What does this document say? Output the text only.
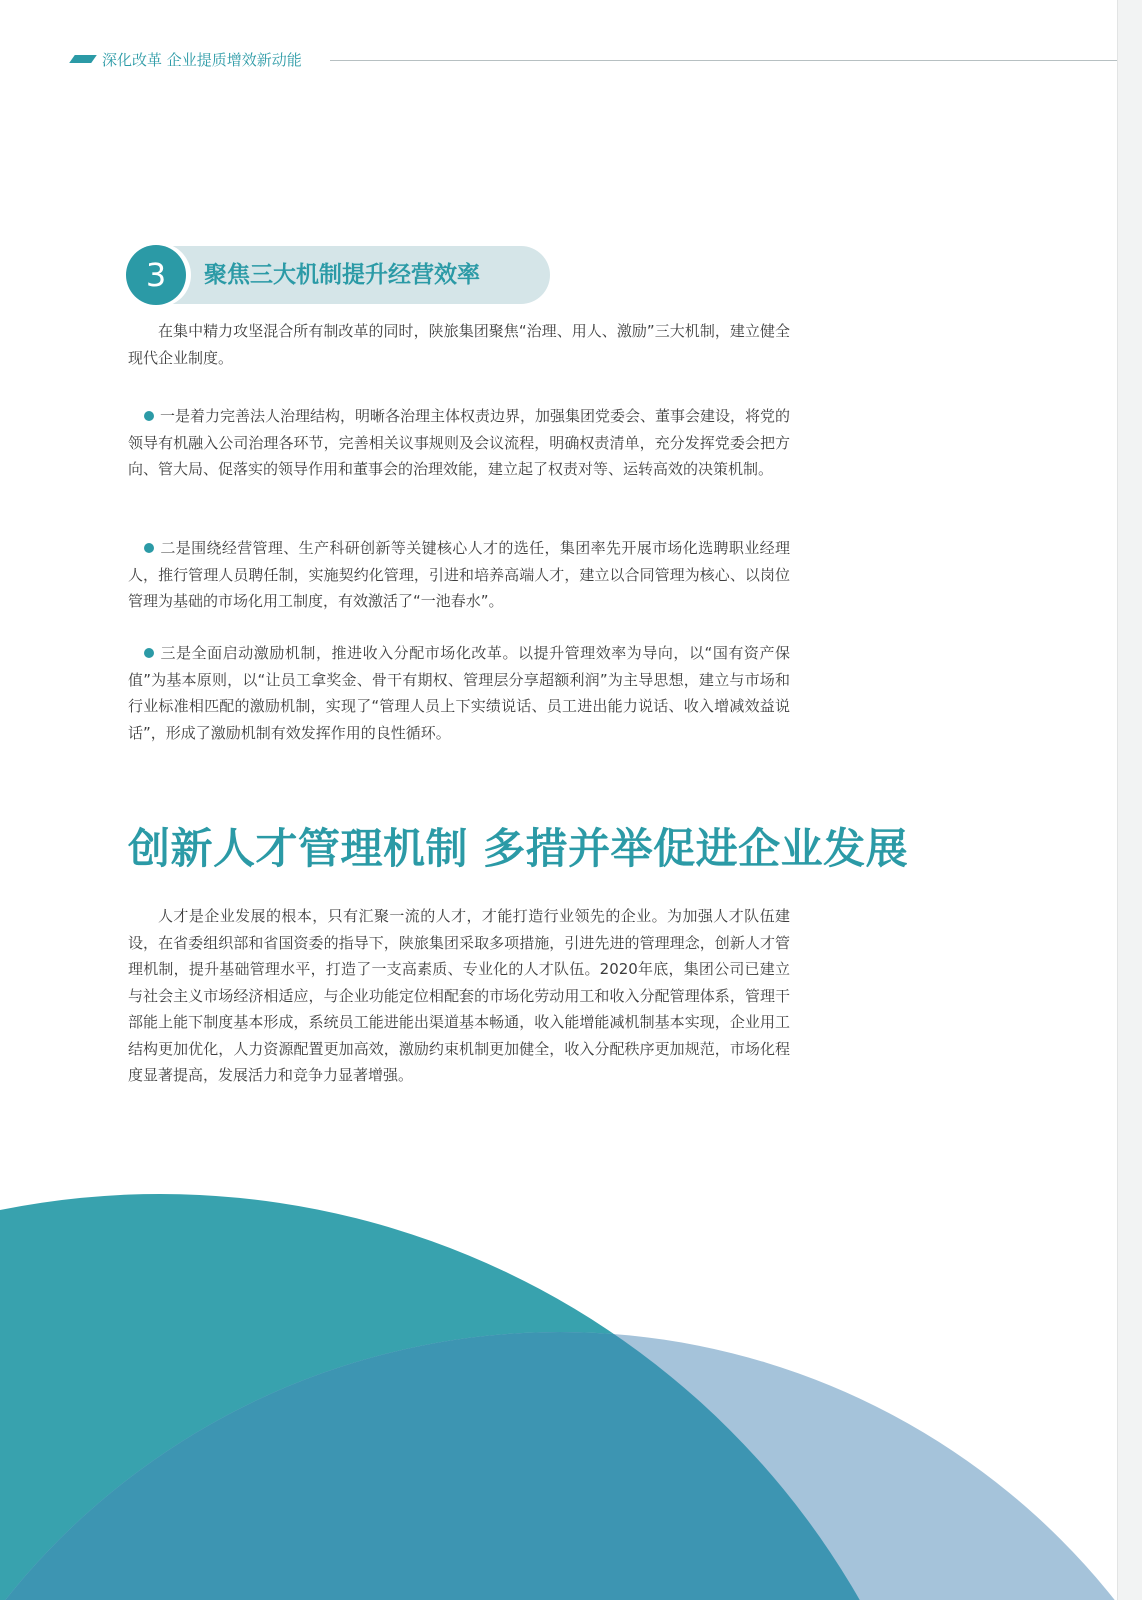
深化改革 企业提质增效新动能
3	聚焦三大机制提升经营效率

在集中精力攻坚混合所有制改革的同时，陕旅集团聚焦“治理、用人、激励”三大机制，建立健全现代企业制度。

一是着力完善法人治理结构，明晰各治理主体权责边界，加强集团党委会、董事会建设，将党的领导有机融入公司治理各环节，完善相关议事规则及会议流程，明确权责清单，充分发挥党委会把方向、管大局、促落实的领导作用和董事会的治理效能，建立起了权责对等、运转高效的决策机制。

二是围绕经营管理、生产科研创新等关键核心人才的选任，集团率先开展市场化选聘职业经理人，推行管理人员聘任制，实施契约化管理，引进和培养高端人才，建立以合同管理为核心、以岗位管理为基础的市场化用工制度，有效激活了“一池春水”。

三是全面启动激励机制，推进收入分配市场化改革。以提升管理效率为导向，以“国有资产保值”为基本原则，以“让员工拿奖金、骨干有期权、管理层分享超额利润”为主导思想，建立与市场和行业标准相匹配的激励机制，实现了“管理人员上下实绩说话、员工进出能力说话、收入增减效益说话”，形成了激励机制有效发挥作用的良性循环。

创新人才管理机制 多措并举促进企业发展

人才是企业发展的根本，只有汇聚一流的人才，才能打造行业领先的企业。为加强人才队伍建设，在省委组织部和省国资委的指导下，陕旅集团采取多项措施，引进先进的管理理念，创新人才管理机制，提升基础管理水平，打造了一支高素质、专业化的人才队伍。2020年底，集团公司已建立与社会主义市场经济相适应，与企业功能定位相配套的市场化劳动用工和收入分配管理体系，管理干部能上能下制度基本形成，系统员工能进能出渠道基本畅通，收入能增能减机制基本实现，企业用工结构更加优化，人力资源配置更加高效，激励约束机制更加健全，收入分配秩序更加规范，市场化程度显著提高，发展活力和竞争力显著增强。
